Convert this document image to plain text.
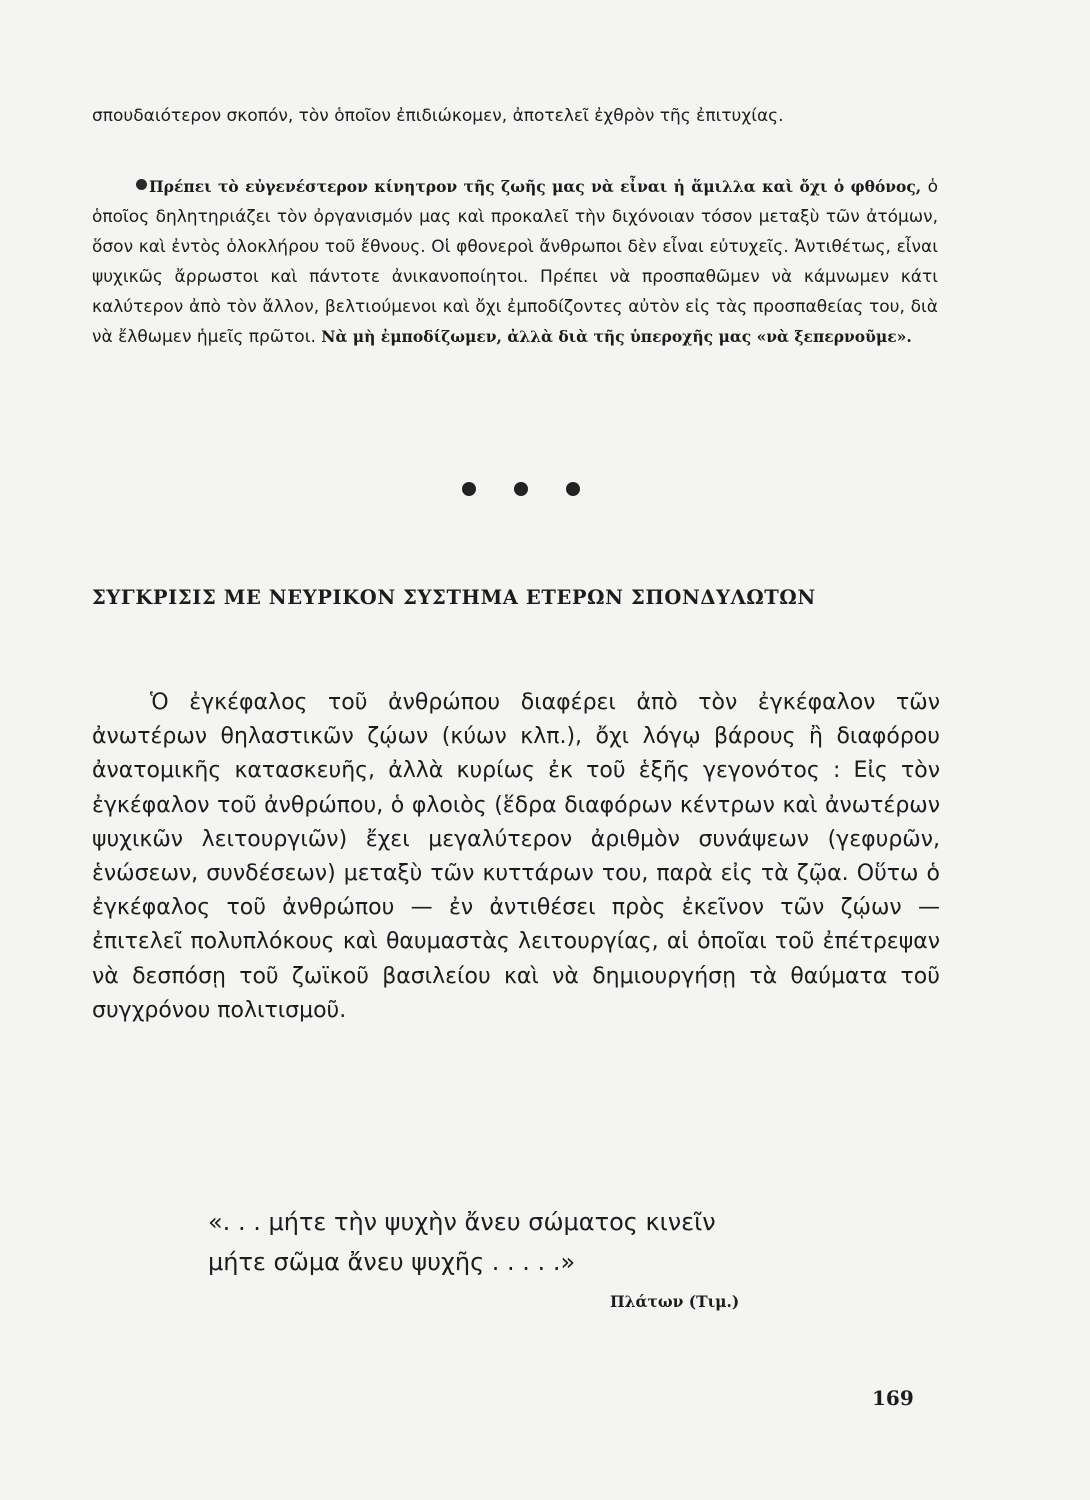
σπουδαιότερον σκοπόν, τὸν ὁποῖον ἐπιδιώκομεν, ἀποτελεῖ ἐχθρὸν τῆς ἐπιτυχίας.

Πρέπει τὸ εὐγενέστερον κίνητρον τῆς ζωῆς μας νὰ εἶναι ἡ ἅμιλλα καὶ ὄχι ὁ φθόνος, ὁ ὁποῖος δηλητηριάζει τὸν ὀργανισμόν μας καὶ προκαλεῖ τὴν διχόνοιαν τόσον μεταξὺ τῶν ἀτόμων, ὅσον καὶ ἐντὸς ὁλοκλήρου τοῦ ἔθνους. Οἱ φθονεροὶ ἄνθρωποι δὲν εἶναι εὐτυχεῖς. Ἀντιθέτως, εἶναι ψυχικῶς ἄρρωστοι καὶ πάντοτε ἀνικανοποίητοι. Πρέπει νὰ προσπαθῶμεν νὰ κάμνωμεν κάτι καλύτερον ἀπὸ τὸν ἄλλον, βελτιούμενοι καὶ ὄχι ἐμποδίζοντες αὐτὸν εἰς τὰς προσπαθείας του, διὰ νὰ ἔλθωμεν ἡμεῖς πρῶτοι. Νὰ μὴ ἐμποδίζωμεν, ἀλλὰ διὰ τῆς ὑπεροχῆς μας «νὰ ξεπερνοῦμε».

ΣΥΓΚΡΙΣΙΣ ΜΕ ΝΕΥΡΙΚΟΝ ΣΥΣΤΗΜΑ ΕΤΕΡΩΝ ΣΠΟΝΔΥΛΩΤΩΝ

Ὁ ἐγκέφαλος τοῦ ἀνθρώπου διαφέρει ἀπὸ τὸν ἐγκέφαλον τῶν ἀνωτέρων θηλαστικῶν ζῴων (κύων κλπ.), ὄχι λόγῳ βάρους ἢ διαφόρου ἀνατομικῆς κατασκευῆς, ἀλλὰ κυρίως ἐκ τοῦ ἑξῆς γεγονότος : Εἰς τὸν ἐγκέφαλον τοῦ ἀνθρώπου, ὁ φλοιὸς (ἕδρα διαφόρων κέντρων καὶ ἀνωτέρων ψυχικῶν λειτουργιῶν) ἔχει μεγαλύτερον ἀριθμὸν συνάψεων (γεφυρῶν, ἑνώσεων, συνδέσεων) μεταξὺ τῶν κυττάρων του, παρὰ εἰς τὰ ζῷα. Οὕτω ὁ ἐγκέφαλος τοῦ ἀνθρώπου — ἐν ἀντιθέσει πρὸς ἐκεῖνον τῶν ζῴων — ἐπιτελεῖ πολυπλόκους καὶ θαυμαστὰς λειτουργίας, αἱ ὁποῖαι τοῦ ἐπέτρεψαν νὰ δεσπόσῃ τοῦ ζωϊκοῦ βασιλείου καὶ νὰ δημιουργήσῃ τὰ θαύματα τοῦ συγχρόνου πολιτισμοῦ.

«. . . μήτε τὴν ψυχὴν ἄνευ σώματος κινεῖν
μήτε σῶμα ἄνευ ψυχῆς . . . . .»

Πλάτων (Τιμ.)

169
